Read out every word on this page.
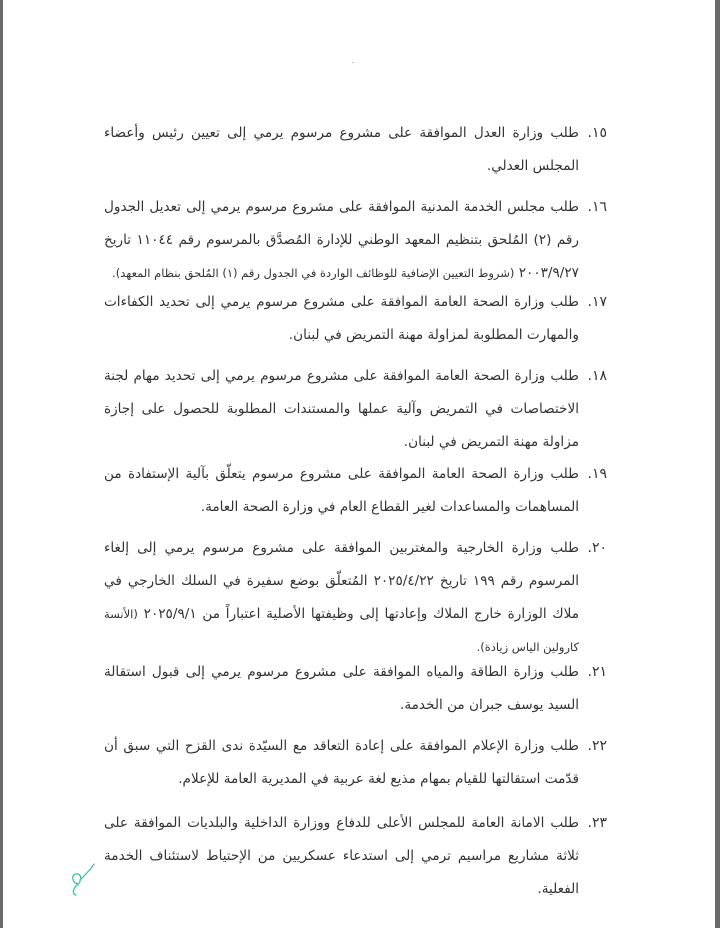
١٥.
طلب وزارة العدل الموافقة على مشروع مرسوم يرمي إلى تعيين رئيس وأعضاء المجلس العدلي.
١٦.
طلب مجلس الخدمة المدنية الموافقة على مشروع مرسوم يرمي إلى تعديل الجدول رقم (٢) المُلحق بتنظيم المعهد الوطني للإدارة المُصدَّق بالمرسوم رقم ١١٠٤٤ تاريخ ٢٠٠٣/٩/٢٧ (شروط التعيين الإضافية للوظائف الواردة في الجدول رقم (١) المُلحق بنظام المعهد).
١٧.
طلب وزارة الصحة العامة الموافقة على مشروع مرسوم يرمي إلى تحديد الكفاءات والمهارت المطلوبة لمزاولة مهنة التمريض في لبنان.
١٨.
طلب وزارة الصحة العامة الموافقة على مشروع مرسوم يرمي إلى تحديد مهام لجنة الاختصاصات في التمريض وآلية عملها والمستندات المطلوبة للحصول على إجازة مزاولة مهنة التمريض في لبنان.
١٩.
طلب وزارة الصحة العامة الموافقة على مشروع مرسوم يتعلّق بآلية الإستفادة من المساهمات والمساعدات لغير القطاع العام في وزارة الصحة العامة.
٢٠.
طلب وزارة الخارجية والمغتربين الموافقة على مشروع مرسوم يرمي إلى إلغاء المرسوم رقم ١٩٩ تاريخ ٢٠٢٥/٤/٢٢ المُتعلّق بوضع سفيرة في السلك الخارجي في ملاك الوزارة خارج الملاك وإعادتها إلى وظيفتها الأصلية اعتباراً من ٢٠٢٥/٩/١ (الأنسة كارولين الياس زيادة).
٢١.
طلب وزارة الطاقة والمياه الموافقة على مشروع مرسوم يرمي إلى قبول استقالة السيد يوسف جبران من الخدمة.
٢٢.
طلب وزارة الإعلام الموافقة على إعادة التعاقد مع السيّدة ندى القزح التي سبق أن قدّمت استقالتها للقيام بمهام مذيع لغة عربية في المديرية العامة للإعلام.
٢٣.
طلب الامانة العامة للمجلس الأعلى للدفاع ووزارة الداخلية والبلديات الموافقة على ثلاثة مشاريع مراسيم ترمي إلى استدعاء عسكريين من الإحتياط لاستئناف الخدمة الفعلية.
